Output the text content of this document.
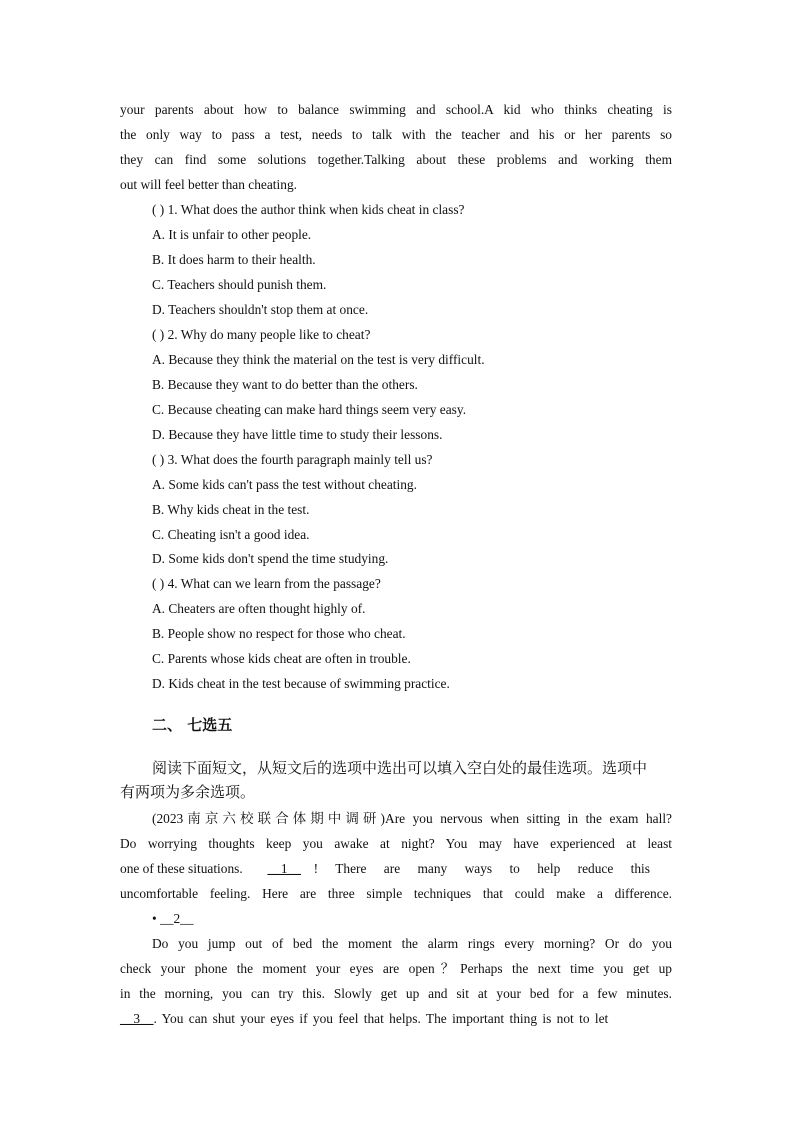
your parents about how to balance swimming and school.A kid who thinks cheating is
the only way to pass a test, needs to talk with the teacher and his or her parents so
they can find some solutions together.Talking about these problems and working them
out will feel better than cheating.
( ) 1. What does the author think when kids cheat in class?
A. It is unfair to other people.
B. It does harm to their health.
C. Teachers should punish them.
D. Teachers shouldn't stop them at once.
( ) 2. Why do many people like to cheat?
A. Because they think the material on the test is very difficult.
B. Because they want to do better than the others.
C. Because cheating can make hard things seem very easy.
D. Because they have little time to study their lessons.
( ) 3. What does the fourth paragraph mainly tell us?
A. Some kids can't pass the test without cheating.
B. Why kids cheat in the test.
C. Cheating isn't a good idea.
D. Some kids don't spend the time studying.
( ) 4. What can we learn from the passage?
A. Cheaters are often thought highly of.
B. People show no respect for those who cheat.
C. Parents whose kids cheat are often in trouble.
D. Kids cheat in the test because of swimming practice.
二、 七选五
阅读下面短文，从短文后的选项中选出可以填入空白处的最佳选项。选项中
有两项为多余选项。
(2023南京六校联合体期中调研)Are you nervous when sitting in the exam hall?
Do worrying thoughts keep you awake at night? You may have experienced at least
one of these situations. __1__ ! There are many ways to help reduce this
uncomfortable feeling. Here are three simple techniques that could make a difference.
• __2__
Do you jump out of bed the moment the alarm rings every morning? Or do you
check your phone the moment your eyes are open？Perhaps the next time you get up
in the morning, you can try this. Slowly get up and sit at your bed for a few minutes.
__3__. You can shut your eyes if you feel that helps. The important thing is not to let
